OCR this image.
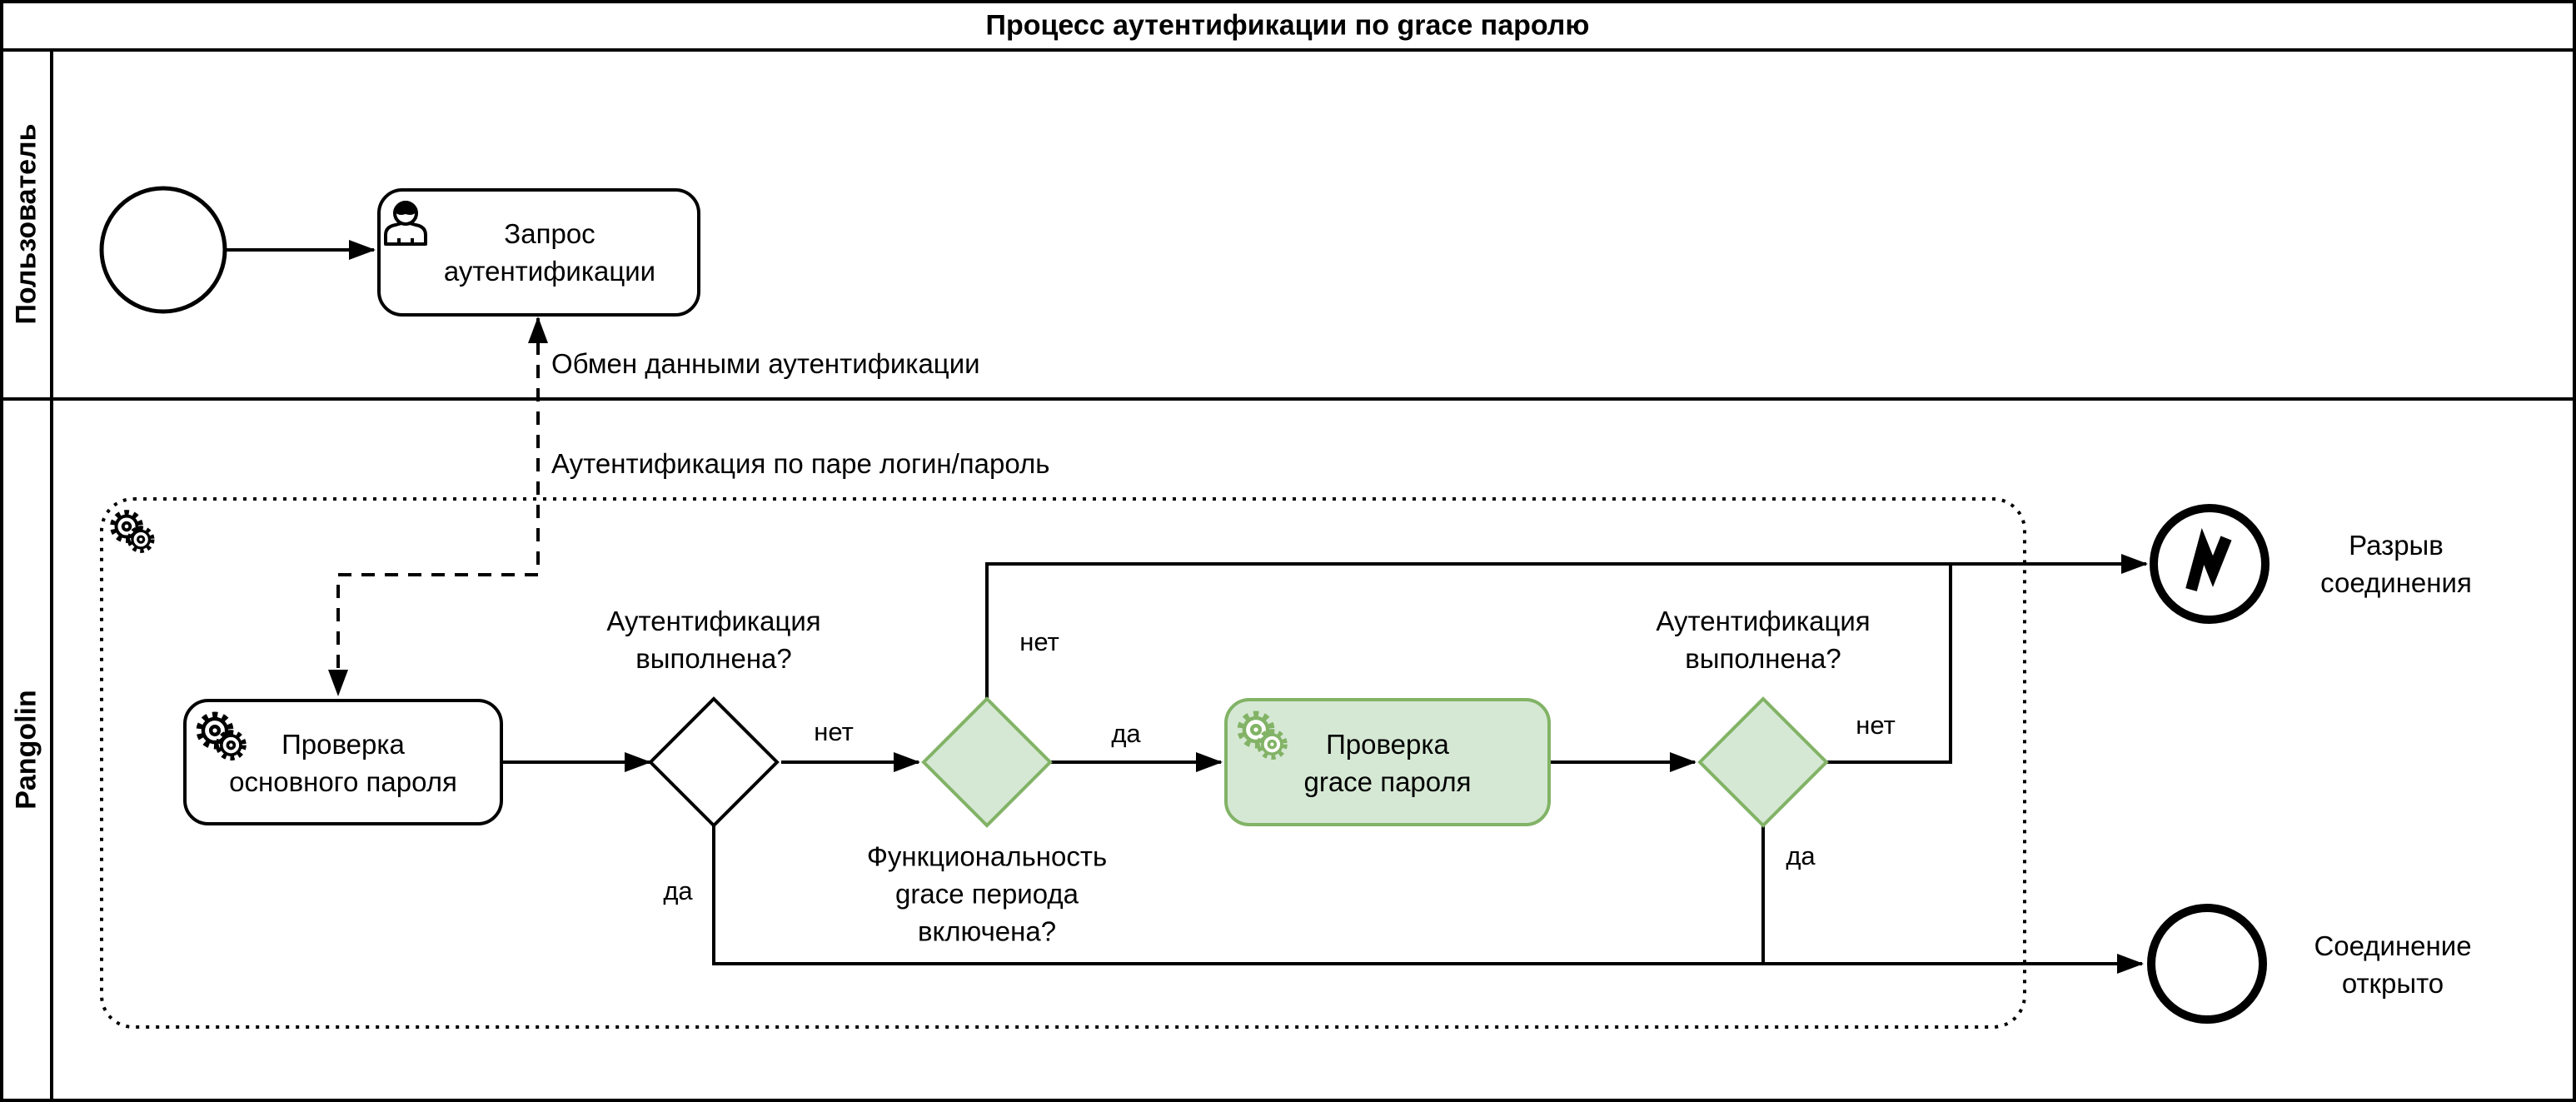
Процесс аутентификации по grace паролю
Пользователь
Pangolin
Запрос
аутентификации
Проверка
основного пароля
Проверка
grace пароля
Аутентификация
выполнена?
Функциональность
grace периода
включена?
Аутентификация
выполнена?
Обмен данными аутентификации
Аутентификация по паре логин/пароль
нет
да
нет
да	нет
да
Разрыв
соединения
Соединение
открыто
